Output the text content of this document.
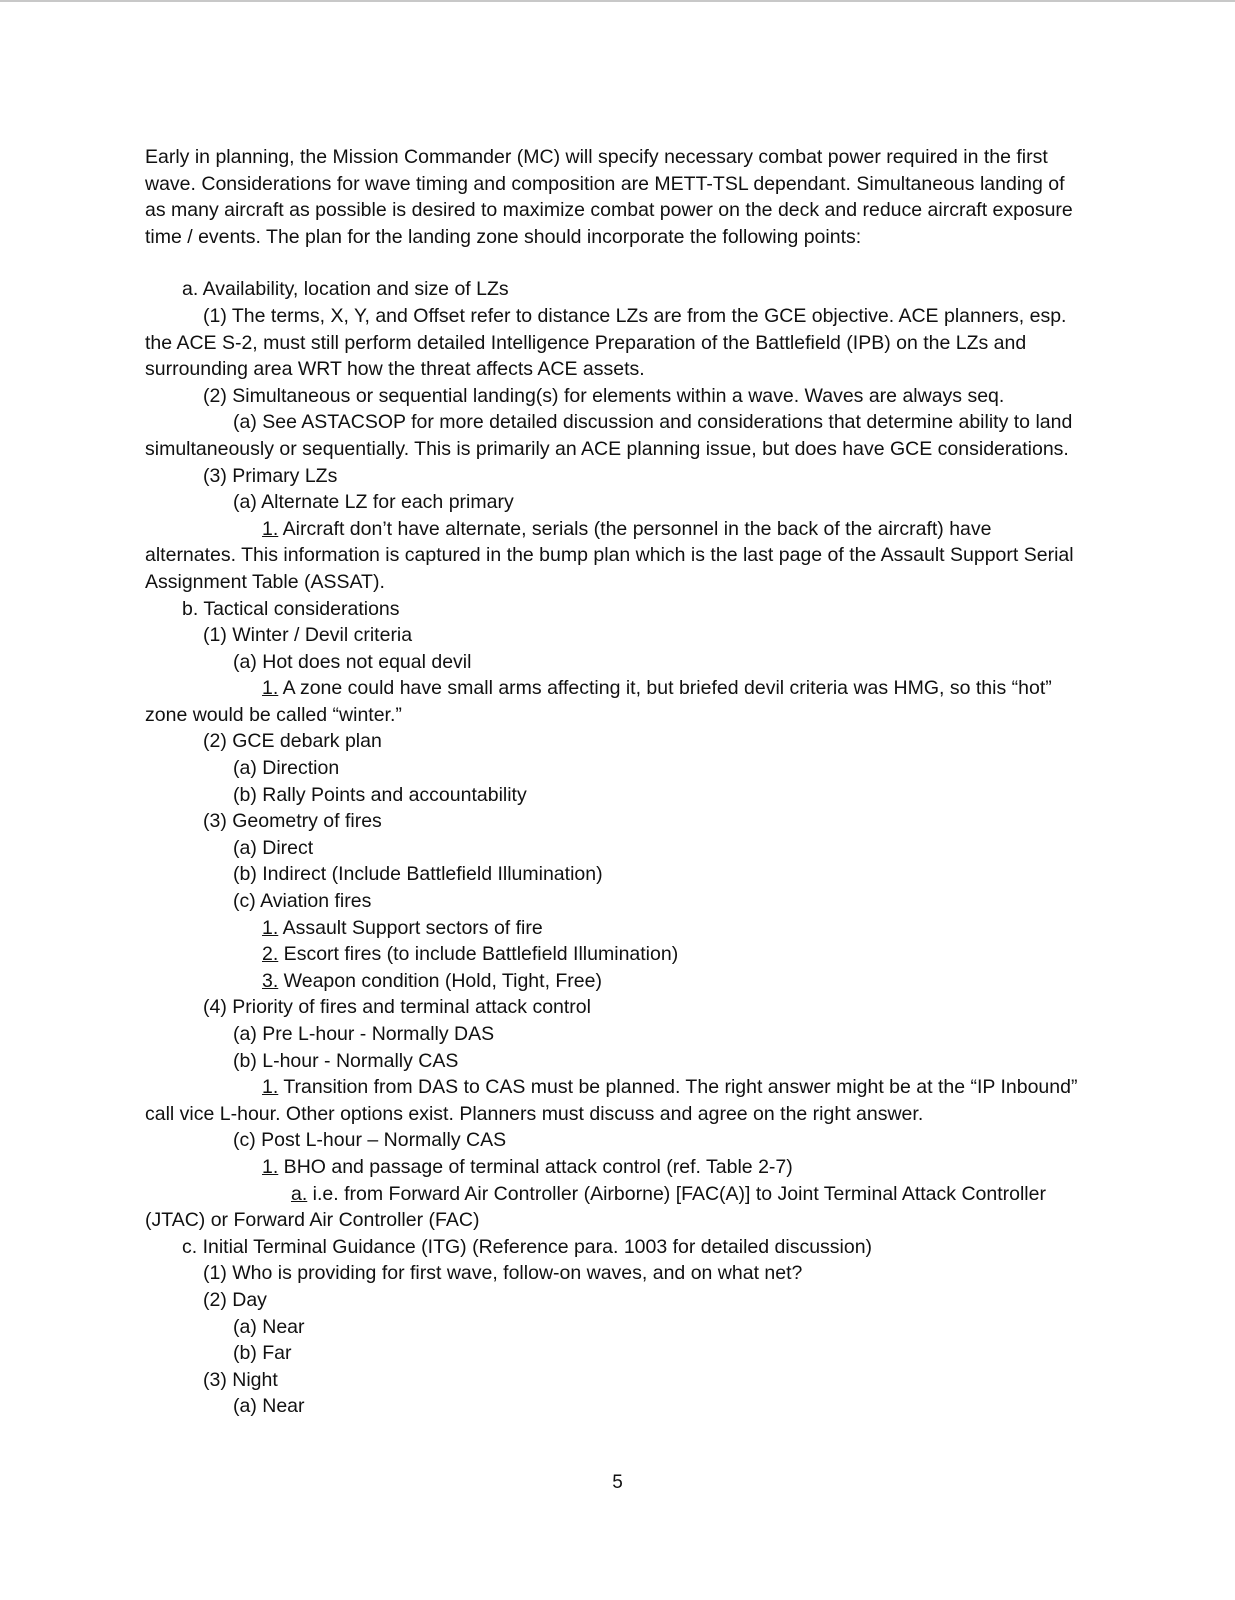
Early in planning, the Mission Commander (MC) will specify necessary combat power required in the first wave. Considerations for wave timing and composition are METT-TSL dependant. Simultaneous landing of as many aircraft as possible is desired to maximize combat power on the deck and reduce aircraft exposure time / events. The plan for the landing zone should incorporate the following points:

a. Availability, location and size of LZs

(1) The terms, X, Y, and Offset refer to distance LZs are from the GCE objective. ACE planners, esp. the ACE S-2, must still perform detailed Intelligence Preparation of the Battlefield (IPB) on the LZs and surrounding area WRT how the threat affects ACE assets.

(2) Simultaneous or sequential landing(s) for elements within a wave. Waves are always seq.

(a) See ASTACSOP for more detailed discussion and considerations that determine ability to land simultaneously or sequentially. This is primarily an ACE planning issue, but does have GCE considerations.

(3) Primary LZs

(a) Alternate LZ for each primary

1. Aircraft don’t have alternate, serials (the personnel in the back of the aircraft) have alternates. This information is captured in the bump plan which is the last page of the Assault Support Serial Assignment Table (ASSAT).

b. Tactical considerations

(1) Winter / Devil criteria

(a) Hot does not equal devil

1. A zone could have small arms affecting it, but briefed devil criteria was HMG, so this “hot” zone would be called “winter.”

(2) GCE debark plan

(a) Direction

(b) Rally Points and accountability

(3) Geometry of fires

(a) Direct

(b) Indirect (Include Battlefield Illumination)

(c) Aviation fires

1. Assault Support sectors of fire

2. Escort fires (to include Battlefield Illumination)

3. Weapon condition (Hold, Tight, Free)

(4) Priority of fires and terminal attack control

(a) Pre L-hour - Normally DAS

(b) L-hour - Normally CAS

1. Transition from DAS to CAS must be planned. The right answer might be at the “IP Inbound” call vice L-hour. Other options exist. Planners must discuss and agree on the right answer.

(c) Post L-hour – Normally CAS

1. BHO and passage of terminal attack control (ref. Table 2-7)

a. i.e. from Forward Air Controller (Airborne) [FAC(A)] to Joint Terminal Attack Controller (JTAC) or Forward Air Controller (FAC)

c. Initial Terminal Guidance (ITG) (Reference para. 1003 for detailed discussion)

(1) Who is providing for first wave, follow-on waves, and on what net?

(2) Day

(a) Near

(b) Far

(3) Night

(a) Near

5
